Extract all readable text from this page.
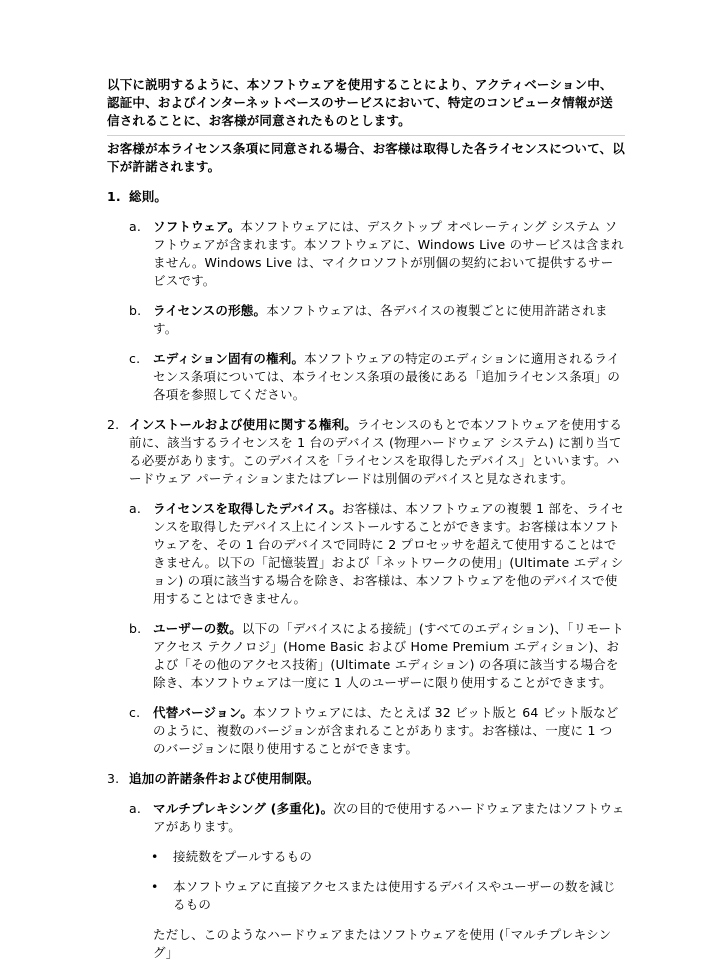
以下に説明するように、本ソフトウェアを使用することにより、アクティベーション中、認証中、およびインターネットベースのサービスにおいて、特定のコンピュータ情報が送信されることに、お客様が同意されたものとします。

お客様が本ライセンス条項に同意される場合、お客様は取得した各ライセンスについて、以下が許諾されます。

1. 総則。
a. ソフトウェア。本ソフトウェアには、デスクトップ オペレーティング システム ソフトウェアが含まれます。本ソフトウェアに、Windows Live のサービスは含まれません。Windows Live は、マイクロソフトが別個の契約において提供するサービスです。
b. ライセンスの形態。本ソフトウェアは、各デバイスの複製ごとに使用許諾されます。
c.	エディション固有の権利。本ソフトウェアの特定のエディションに適用されるライセンス条項については、本ライセンス条項の最後にある「追加ライセンス条項」の各項を参照してください。
2. インストールおよび使用に関する権利。ライセンスのもとで本ソフトウェアを使用する前に、該当するライセンスを 1 台のデバイス (物理ハードウェア システム) に割り当てる必要があります。このデバイスを「ライセンスを取得したデバイス」といいます。ハードウェア パーティションまたはブレードは別個のデバイスと見なされます。
a. ライセンスを取得したデバイス。お客様は、本ソフトウェアの複製 1 部を、ライセンスを取得したデバイス上にインストールすることができます。お客様は本ソフトウェアを、その 1 台のデバイスで同時に 2 プロセッサを超えて使用することはできません。以下の「記憶装置」および「ネットワークの使用」(Ultimate エディション) の項に該当する場合を除き、お客様は、本ソフトウェアを他のデバイスで使用することはできません。
b. ユーザーの数。以下の「デバイスによる接続」(すべてのエディション)、「リモート アクセス テクノロジ」(Home Basic および Home Premium エディション)、および「その他のアクセス技術」(Ultimate エディション) の各項に該当する場合を除き、本ソフトウェアは一度に 1 人のユーザーに限り使用することができます。
c.	代替バージョン。本ソフトウェアには、たとえば 32 ビット版と 64 ビット版などのように、複数のバージョンが含まれることがあります。お客様は、一度に 1 つのバージョンに限り使用することができます。
3. 追加の許諾条件および使用制限。
a. マルチプレキシング (多重化)。次の目的で使用するハードウェアまたはソフトウェアがあります。
• 接続数をプールするもの
• 本ソフトウェアに直接アクセスまたは使用するデバイスやユーザーの数を減じるもの
ただし、このようなハードウェアまたはソフトウェアを使用 (「マルチプレキシング」
